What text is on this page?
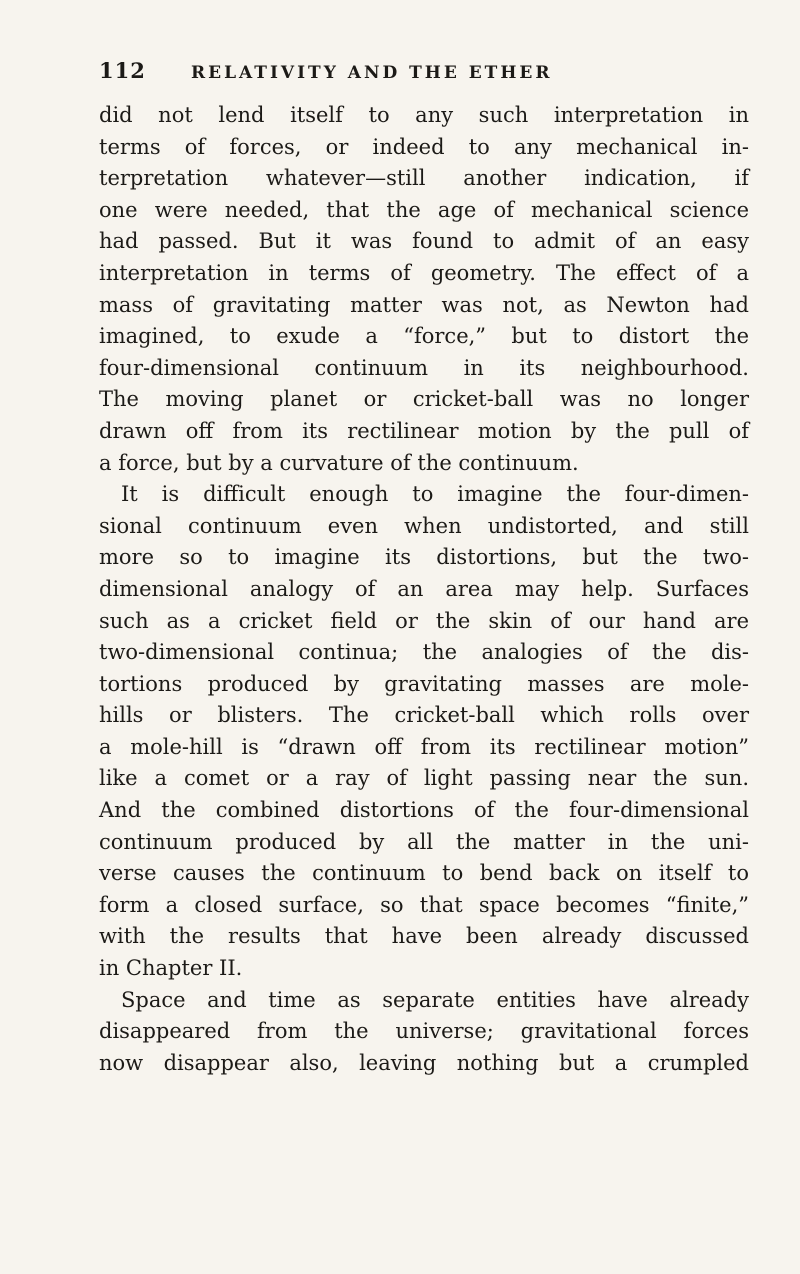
112	RELATIVITY AND THE ETHER
did not lend itself to any such interpretation in
terms of forces, or indeed to any mechanical in-
terpretation whatever—still another indication, if
one were needed, that the age of mechanical science
had passed. But it was found to admit of an easy
interpretation in terms of geometry. The effect of a
mass of gravitating matter was not, as Newton had
imagined, to exude a “force,” but to distort the
four-dimensional continuum in its neighbourhood.
The moving planet or cricket-ball was no longer
drawn off from its rectilinear motion by the pull of
a force, but by a curvature of the continuum.
It is difficult enough to imagine the four-dimen-
sional continuum even when undistorted, and still
more so to imagine its distortions, but the two-
dimensional analogy of an area may help. Surfaces
such as a cricket field or the skin of our hand are
two-dimensional continua; the analogies of the dis-
tortions produced by gravitating masses are mole-
hills or blisters. The cricket-ball which rolls over
a mole-hill is “drawn off from its rectilinear motion”
like a comet or a ray of light passing near the sun.
And the combined distortions of the four-dimensional
continuum produced by all the matter in the uni-
verse causes the continuum to bend back on itself to
form a closed surface, so that space becomes “finite,”
with the results that have been already discussed
in Chapter II.
Space and time as separate entities have already
disappeared from the universe; gravitational forces
now disappear also, leaving nothing but a crumpled
